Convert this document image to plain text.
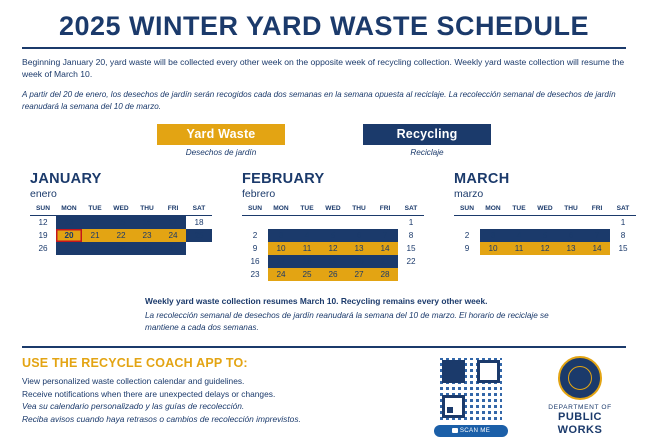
2025 WINTER YARD WASTE SCHEDULE
Beginning January 20, yard waste will be collected every other week on the opposite week of recycling collection. Weekly yard waste collection will resume the week of March 10.
A partir del 20 de enero, los desechos de jardín serán recogidos cada dos semanas en la semana opuesta al reciclaje. La recolección semanal de desechos de jardín reanudará la semana del 10 de marzo.
Yard Waste
Desechos de jardín
Recycling
Reciclaje
JANUARY
enero
SUN	MON	TUE	WED	THU	FRI	SAT
12	13	14	15	16	17	18
19	20	21	22	23	24	25
26	27	28	29	30	31	
FEBRUARY
febrero
SUN	MON	TUE	WED	THU	FRI	SAT
						1
2	3	4	5	6	7	8
9	10	11	12	13	14	15
16	17	18	19	20	21	22
23	24	25	26	27	28	
MARCH
marzo
SUN	MON	TUE	WED	THU	FRI	SAT
						1
2	3	4	5	6	7	8
9	10	11	12	13	14	15
Weekly yard waste collection resumes March 10. Recycling remains every other week.
La recolección semanal de desechos de jardín reanudará la semana del 10 de marzo. El horario de reciclaje se mantiene a cada dos semanas.
USE THE RECYCLE COACH APP TO:
View personalized waste collection calendar and guidelines.
Receive notifications when there are unexpected delays or changes.
Vea su calendario personalizado y las guías de recolección.
Reciba avisos cuando haya retrasos o cambios de recolección imprevistos.
SCAN ME
DEPARTMENT OF
PUBLIC WORKS
